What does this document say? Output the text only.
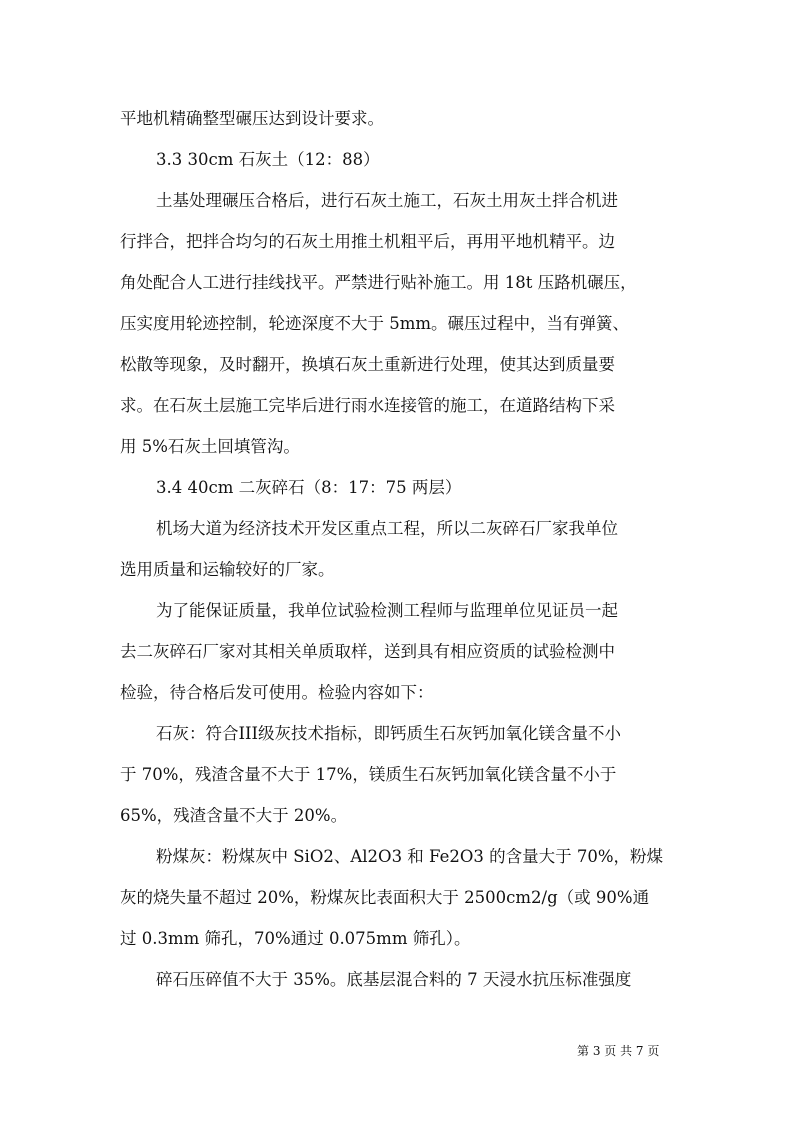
平地机精确整型碾压达到设计要求。
3.3 30cm 石灰土（12：88）
土基处理碾压合格后，进行石灰土施工，石灰土用灰土拌合机进
行拌合，把拌合均匀的石灰土用推土机粗平后，再用平地机精平。边
角处配合人工进行挂线找平。严禁进行贴补施工。用 18t 压路机碾压，
压实度用轮迹控制，轮迹深度不大于 5mm。碾压过程中，当有弹簧、
松散等现象，及时翻开，换填石灰土重新进行处理，使其达到质量要
求。在石灰土层施工完毕后进行雨水连接管的施工，在道路结构下采
用 5%石灰土回填管沟。
3.4 40cm 二灰碎石（8：17：75 两层）
机场大道为经济技术开发区重点工程，所以二灰碎石厂家我单位
选用质量和运输较好的厂家。
为了能保证质量，我单位试验检测工程师与监理单位见证员一起
去二灰碎石厂家对其相关单质取样，送到具有相应资质的试验检测中
检验，待合格后发可使用。检验内容如下：
石灰：符合III级灰技术指标，即钙质生石灰钙加氧化镁含量不小
于 70%，残渣含量不大于 17%，镁质生石灰钙加氧化镁含量不小于
65%，残渣含量不大于 20%。
粉煤灰：粉煤灰中 SiO2、Al2O3 和 Fe2O3 的含量大于 70%，粉煤
灰的烧失量不超过 20%，粉煤灰比表面积大于 2500cm2/g（或 90%通
过 0.3mm 筛孔，70%通过 0.075mm 筛孔）。
碎石压碎值不大于 35%。底基层混合料的 7 天浸水抗压标准强度
第 3 页 共 7 页
